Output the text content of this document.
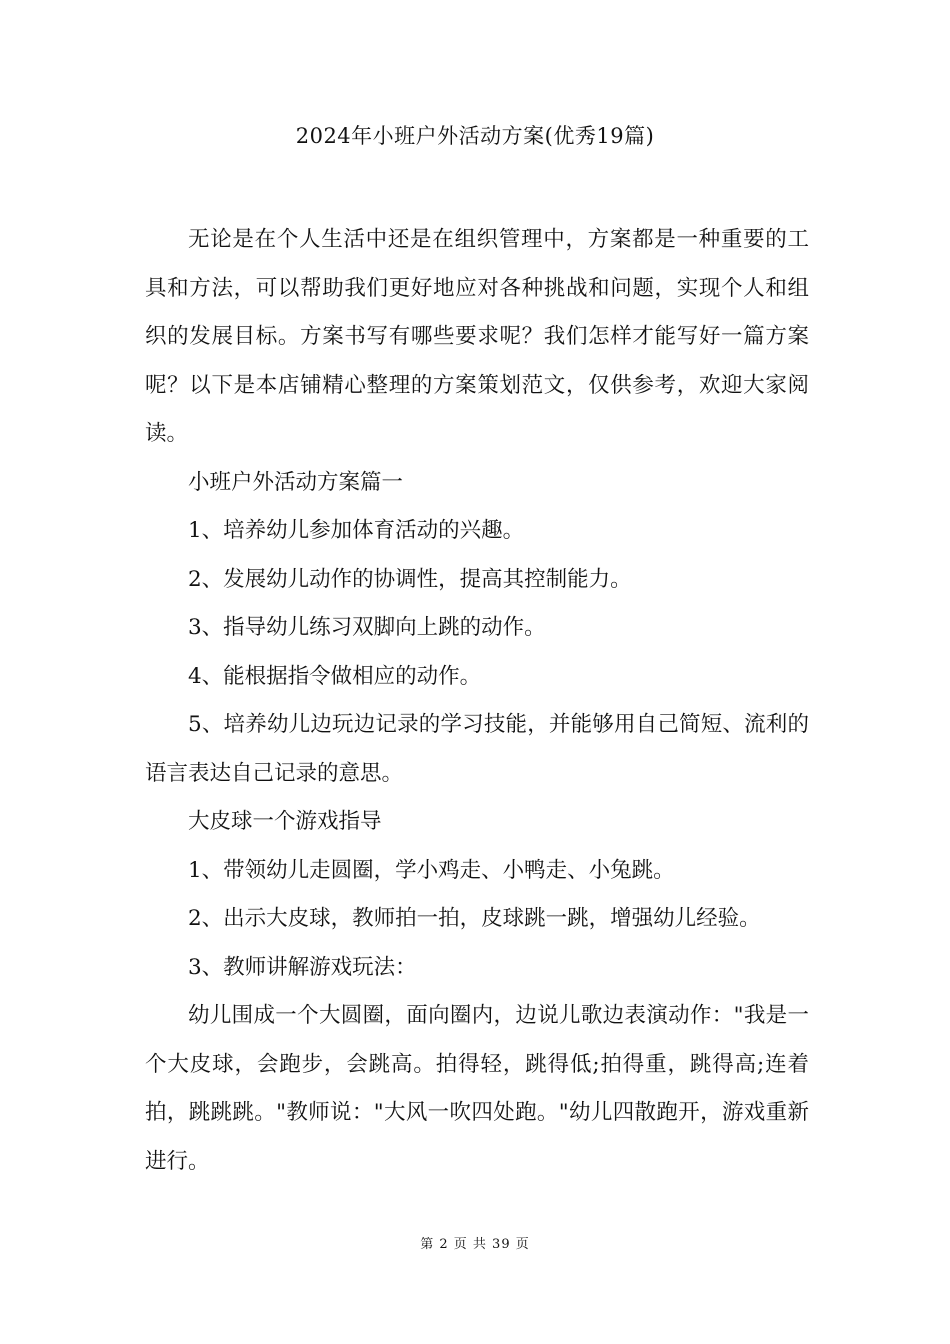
2024年小班户外活动方案(优秀19篇)

无论是在个人生活中还是在组织管理中，方案都是一种重要的工具和方法，可以帮助我们更好地应对各种挑战和问题，实现个人和组织的发展目标。方案书写有哪些要求呢？我们怎样才能写好一篇方案呢？以下是本店铺精心整理的方案策划范文，仅供参考，欢迎大家阅读。

小班户外活动方案篇一

1、培养幼儿参加体育活动的兴趣。

2、发展幼儿动作的协调性，提高其控制能力。

3、指导幼儿练习双脚向上跳的动作。

4、能根据指令做相应的动作。

5、培养幼儿边玩边记录的学习技能，并能够用自己简短、流利的语言表达自己记录的意思。

大皮球一个游戏指导

1、带领幼儿走圆圈，学小鸡走、小鸭走、小兔跳。

2、出示大皮球，教师拍一拍，皮球跳一跳，增强幼儿经验。

3、教师讲解游戏玩法：

幼儿围成一个大圆圈，面向圈内，边说儿歌边表演动作："我是一个大皮球，会跑步，会跳高。拍得轻，跳得低;拍得重，跳得高;连着拍，跳跳跳。"教师说："大风一吹四处跑。"幼儿四散跑开，游戏重新进行。

第 2 页 共 39 页
